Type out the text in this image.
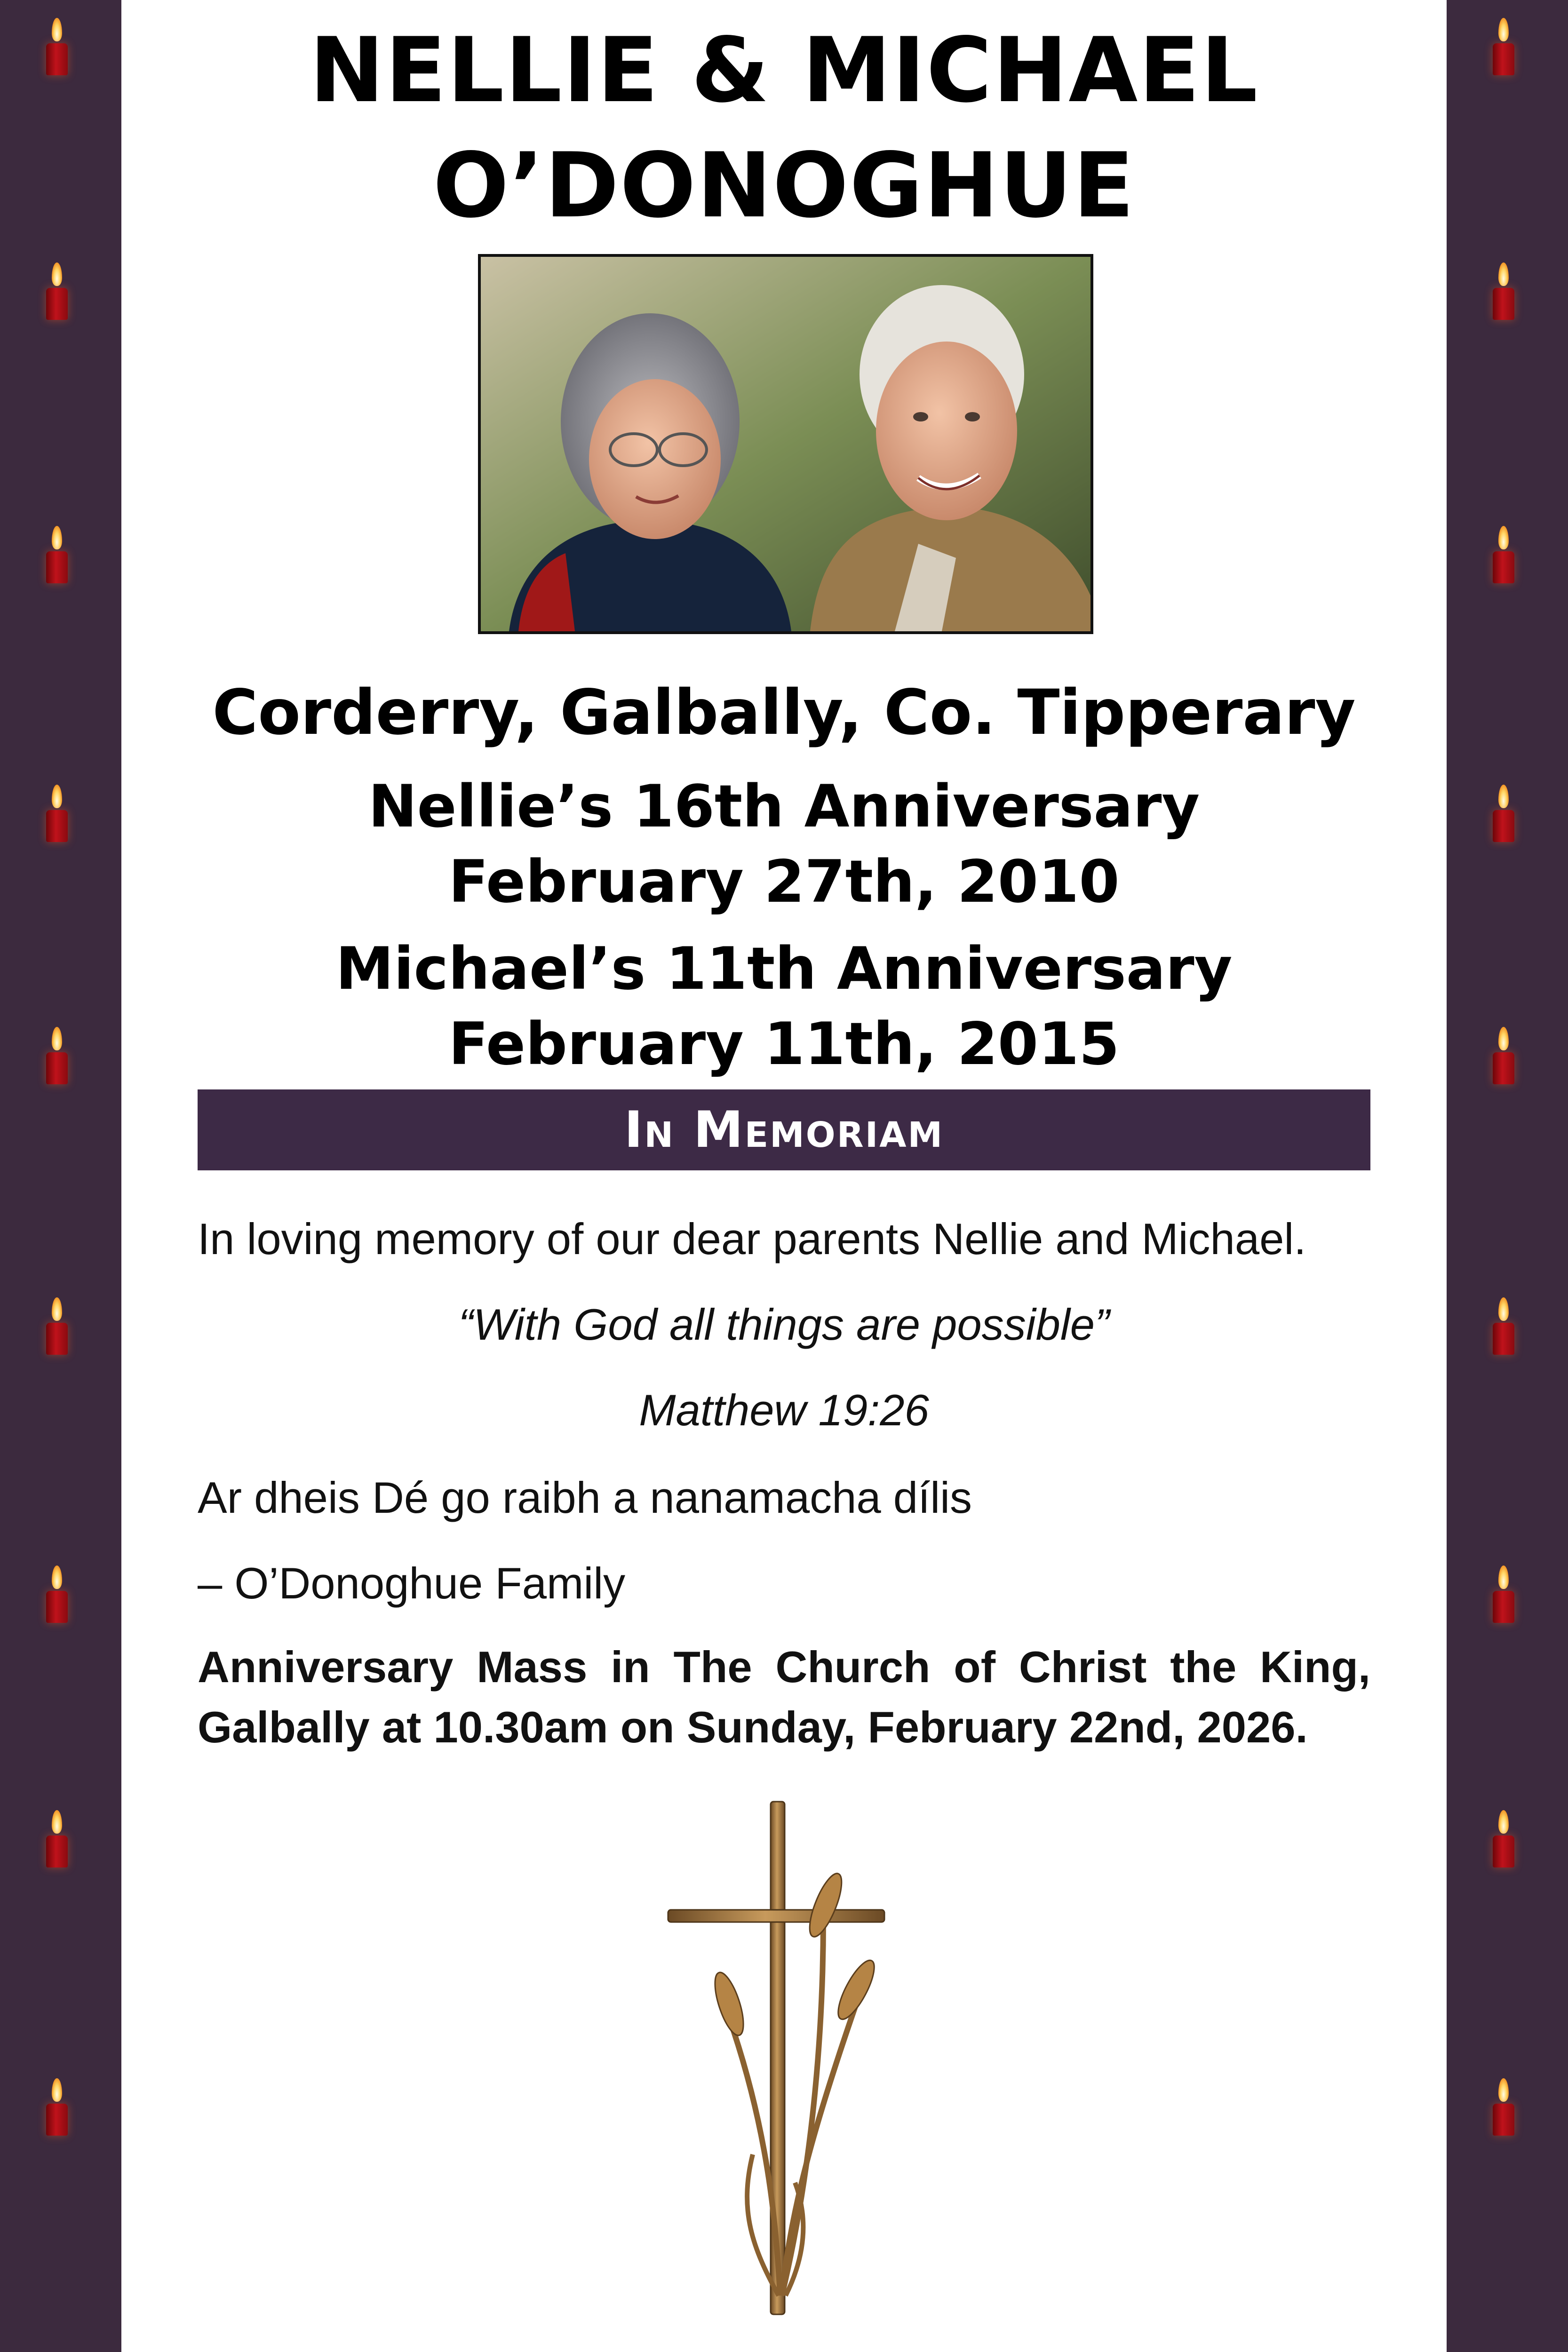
NELLIE & MICHAEL
O’DONOGHUE
Corderry, Galbally, Co. Tipperary
Nellie’s 16th Anniversary
February 27th, 2010
Michael’s 11th Anniversary
February 11th, 2015
In Memoriam
In loving memory of our dear parents Nellie and Michael.
“With God all things are possible”
Matthew 19:26
Ar dheis Dé go raibh a nanamacha dílis
– O’Donoghue Family
Anniversary Mass in The Church of Christ the King, Galbally at 10.30am on Sunday, February 22nd, 2026.
